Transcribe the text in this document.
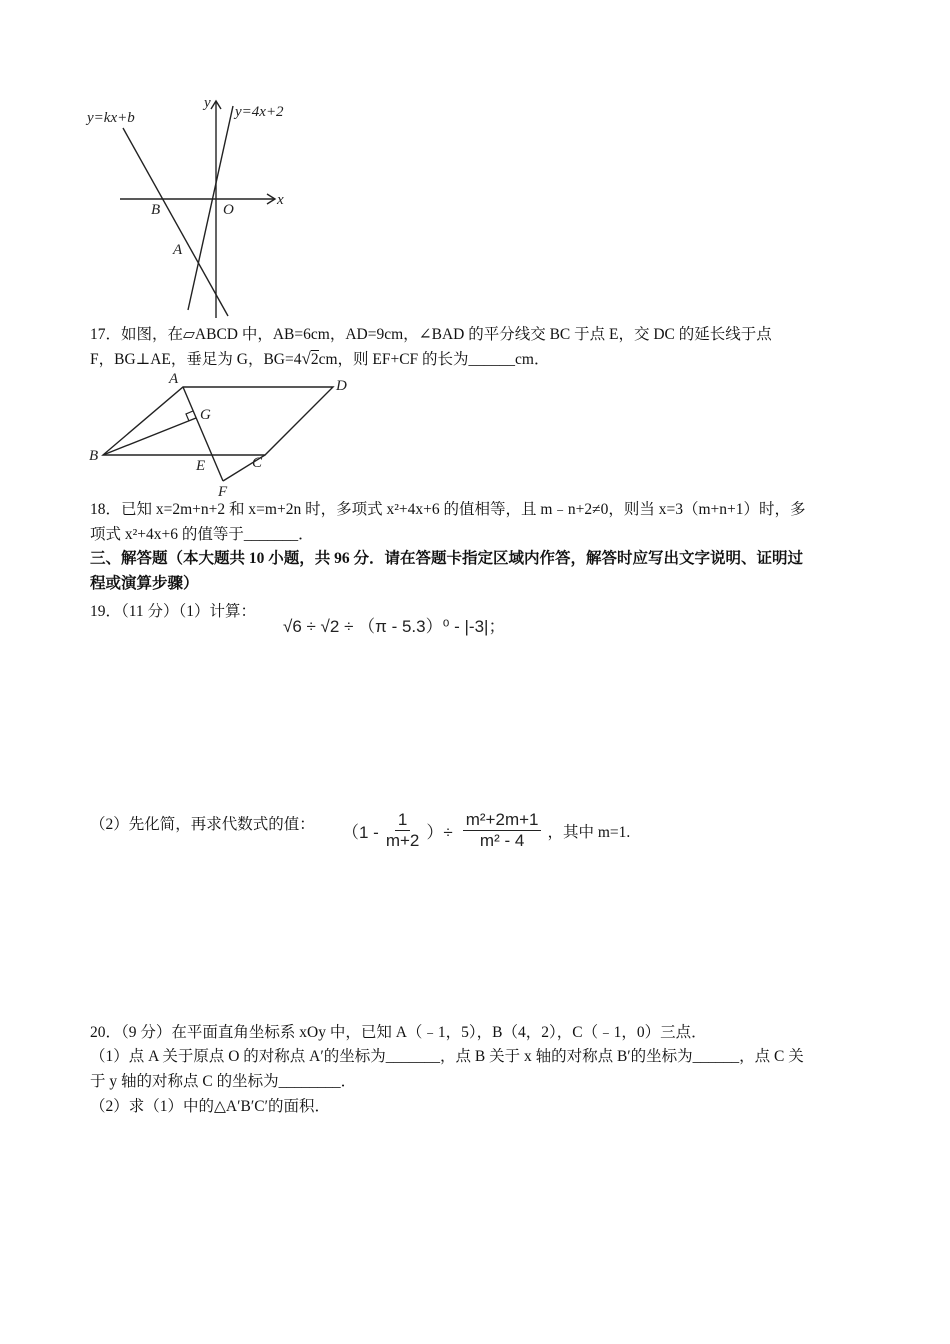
y=kx+b	y=4x+2
y
x
B	O
A
17．如图，在▱ABCD 中，AB=6cm，AD=9cm，∠BAD 的平分线交 BC 于点 E，交 DC 的延长线于点
F，BG⊥AE，垂足为 G，BG=4√2cm，则 EF+CF 的长为______cm．
A	D
G
B
E	C
F
18．已知 x=2m+n+2 和 x=m+2n 时，多项式 x²+4x+6 的值相等，且 m﹣n+2≠0，则当 x=3（m+n+1）时，多
项式 x²+4x+6 的值等于_______．
三、解答题（本大题共 10 小题，共 96 分．请在答题卡指定区域内作答，解答时应写出文字说明、证明过
程或演算步骤）
19．（11 分）（1）计算：
√6 ÷ √2 ÷ （π - 5.3）⁰ - |-3|；
（2）先化简，再求代数式的值： （$1 - \frac{1}{m+2}$ ）÷ $\frac{\text{m²+2m+1}}{\text{m² - 4}}$ ，其中 m=1.
20．（9 分）在平面直角坐标系 xOy 中，已知 A（﹣1，5），B（4，2），C（﹣1，0）三点．
（1）点 A 关于原点 O 的对称点 A′的坐标为_______，点 B 关于 x 轴的对称点 B′的坐标为______，点 C 关
于 y 轴的对称点 C 的坐标为________．
（2）求（1）中的△A′B′C′的面积．
